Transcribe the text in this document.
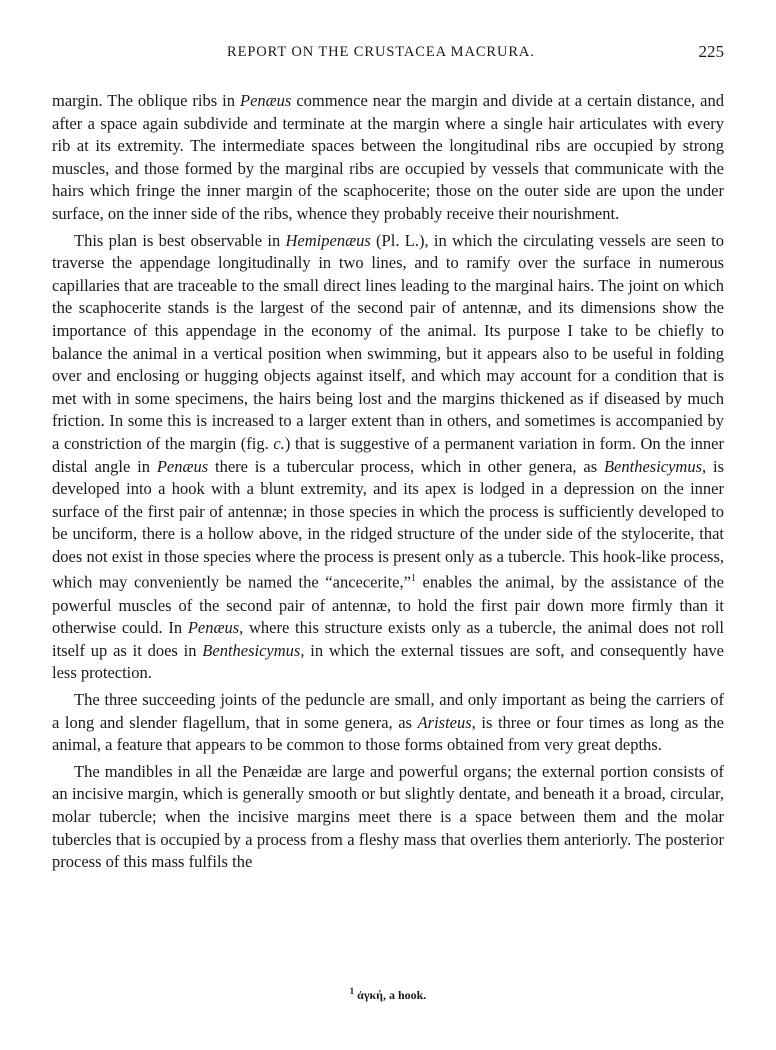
REPORT ON THE CRUSTACEA MACRURA.	225

margin. The oblique ribs in Penæus commence near the margin and divide at a certain distance, and after a space again subdivide and terminate at the margin where a single hair articulates with every rib at its extremity. The intermediate spaces between the longitudinal ribs are occupied by strong muscles, and those formed by the marginal ribs are occupied by vessels that communicate with the hairs which fringe the inner margin of the scaphocerite; those on the outer side are upon the under surface, on the inner side of the ribs, whence they probably receive their nourishment.

This plan is best observable in Hemipenæus (Pl. L.), in which the circulating vessels are seen to traverse the appendage longitudinally in two lines, and to ramify over the surface in numerous capillaries that are traceable to the small direct lines leading to the marginal hairs. The joint on which the scaphocerite stands is the largest of the second pair of antennæ, and its dimensions show the importance of this appendage in the economy of the animal. Its purpose I take to be chiefly to balance the animal in a vertical position when swimming, but it appears also to be useful in folding over and enclosing or hugging objects against itself, and which may account for a condition that is met with in some specimens, the hairs being lost and the margins thickened as if diseased by much friction. In some this is increased to a larger extent than in others, and sometimes is accompanied by a constriction of the margin (fig. c.) that is suggestive of a permanent variation in form. On the inner distal angle in Penæus there is a tubercular process, which in other genera, as Benthesicymus, is developed into a hook with a blunt extremity, and its apex is lodged in a depression on the inner surface of the first pair of antennæ; in those species in which the process is sufficiently developed to be unciform, there is a hollow above, in the ridged structure of the under side of the stylocerite, that does not exist in those species where the process is present only as a tubercle. This hook-like process, which may conveniently be named the “ancecerite,”$^1$ enables the animal, by the assistance of the powerful muscles of the second pair of antennæ, to hold the first pair down more firmly than it otherwise could. In Penæus, where this structure exists only as a tubercle, the animal does not roll itself up as it does in Benthesicymus, in which the external tissues are soft, and consequently have less protection.

The three succeeding joints of the peduncle are small, and only important as being the carriers of a long and slender flagellum, that in some genera, as Aristeus, is three or four times as long as the animal, a feature that appears to be common to those forms obtained from very great depths.

The mandibles in all the Penæidæ are large and powerful organs; the external portion consists of an incisive margin, which is generally smooth or but slightly dentate, and beneath it a broad, circular, molar tubercle; when the incisive margins meet there is a space between them and the molar tubercles that is occupied by a process from a fleshy mass that overlies them anteriorly. The posterior process of this mass fulfils the

$^1$ ἀγκή, a hook.
